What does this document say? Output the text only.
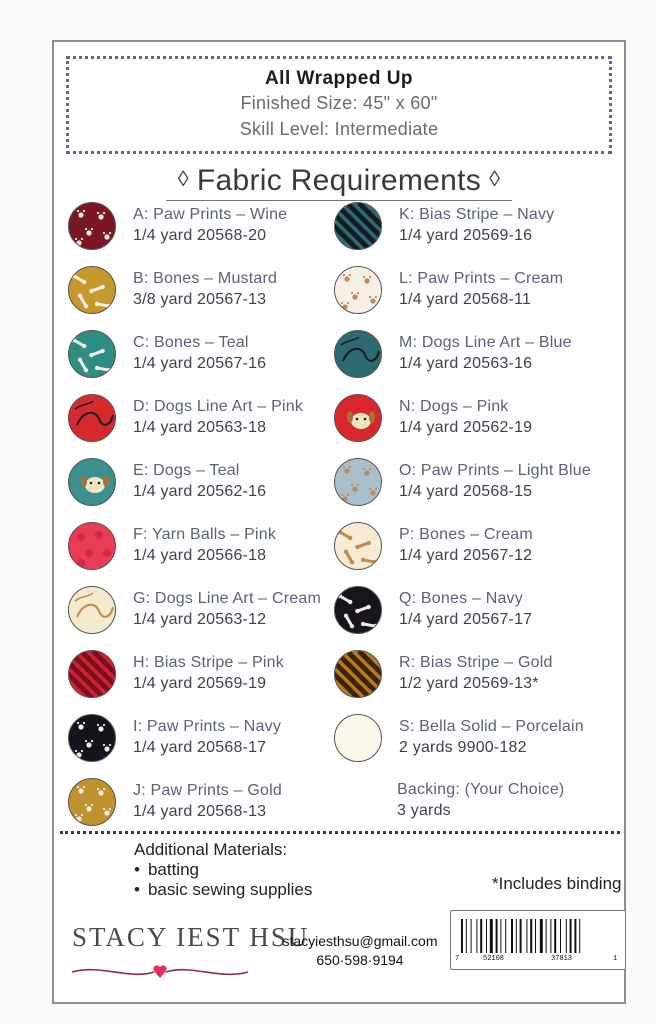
All Wrapped Up
Finished Size: 45" x 60"
Skill Level: Intermediate
◊ Fabric Requirements ◊
A: Paw Prints – Wine
1/4 yard 20568-20
B: Bones – Mustard
3/8 yard 20567-13
C: Bones – Teal
1/4 yard 20567-16
D: Dogs Line Art – Pink
1/4 yard 20563-18
E: Dogs – Teal
1/4 yard 20562-16
F: Yarn Balls – Pink
1/4 yard 20566-18
G: Dogs Line Art – Cream
1/4 yard 20563-12
H: Bias Stripe – Pink
1/4 yard 20569-19
I: Paw Prints – Navy
1/4 yard 20568-17
J: Paw Prints – Gold
1/4 yard 20568-13
K: Bias Stripe – Navy
1/4 yard 20569-16
L: Paw Prints – Cream
1/4 yard 20568-11
M: Dogs Line Art – Blue
1/4 yard 20563-16
N: Dogs – Pink
1/4 yard 20562-19
O: Paw Prints – Light Blue
1/4 yard 20568-15
P: Bones – Cream
1/4 yard 20567-12
Q: Bones – Navy
1/4 yard 20567-17
R: Bias Stripe – Gold
1/2 yard 20569-13*
S: Bella Solid – Porcelain
2 yards 9900-182
Backing: (Your Choice)
3 yards
Additional Materials:
• batting
• basic sewing supplies	*Includes binding
STACY IEST HSU
stacyiesthsu@gmail.com
650·598·9194	7	52108	37813	1
